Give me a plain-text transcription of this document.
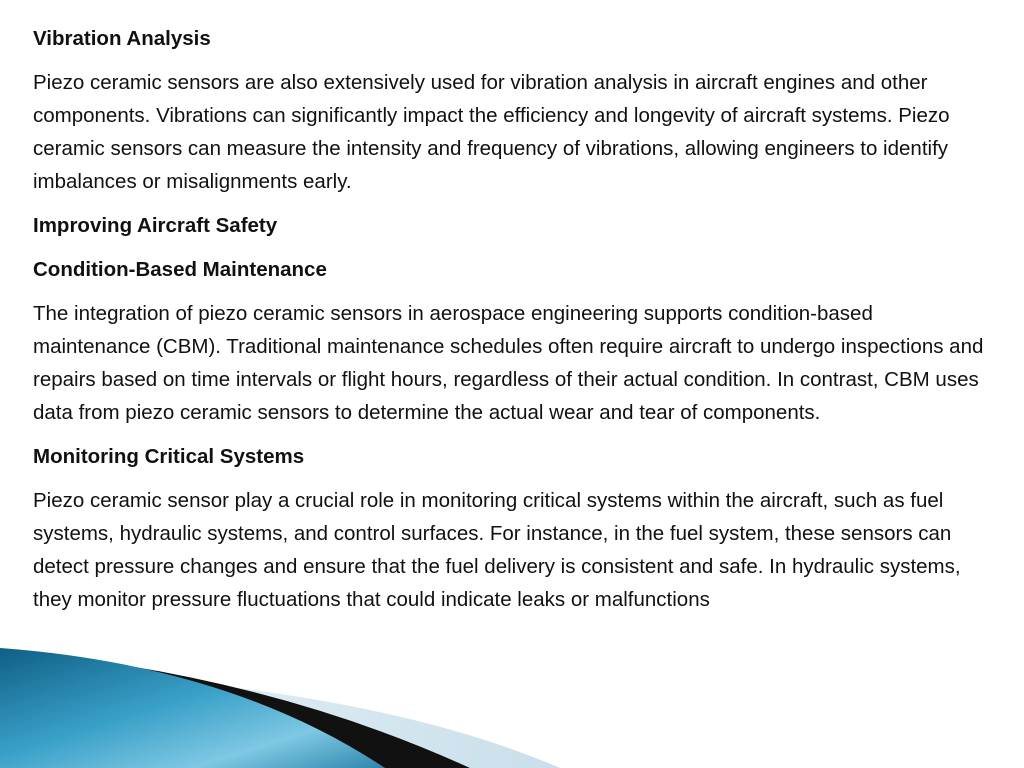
Vibration Analysis
Piezo ceramic sensors are also extensively used for vibration analysis in aircraft engines and other components. Vibrations can significantly impact the efficiency and longevity of aircraft systems. Piezo ceramic sensors can measure the intensity and frequency of vibrations, allowing engineers to identify imbalances or misalignments early.
Improving Aircraft Safety
Condition-Based Maintenance
The integration of piezo ceramic sensors in aerospace engineering supports condition-based maintenance (CBM). Traditional maintenance schedules often require aircraft to undergo inspections and repairs based on time intervals or flight hours, regardless of their actual condition. In contrast, CBM uses data from piezo ceramic sensors to determine the actual wear and tear of components.
Monitoring Critical Systems
Piezo ceramic sensor play a crucial role in monitoring critical systems within the aircraft, such as fuel systems, hydraulic systems, and control surfaces. For instance, in the fuel system, these sensors can detect pressure changes and ensure that the fuel delivery is consistent and safe. In hydraulic systems, they monitor pressure fluctuations that could indicate leaks or malfunctions
